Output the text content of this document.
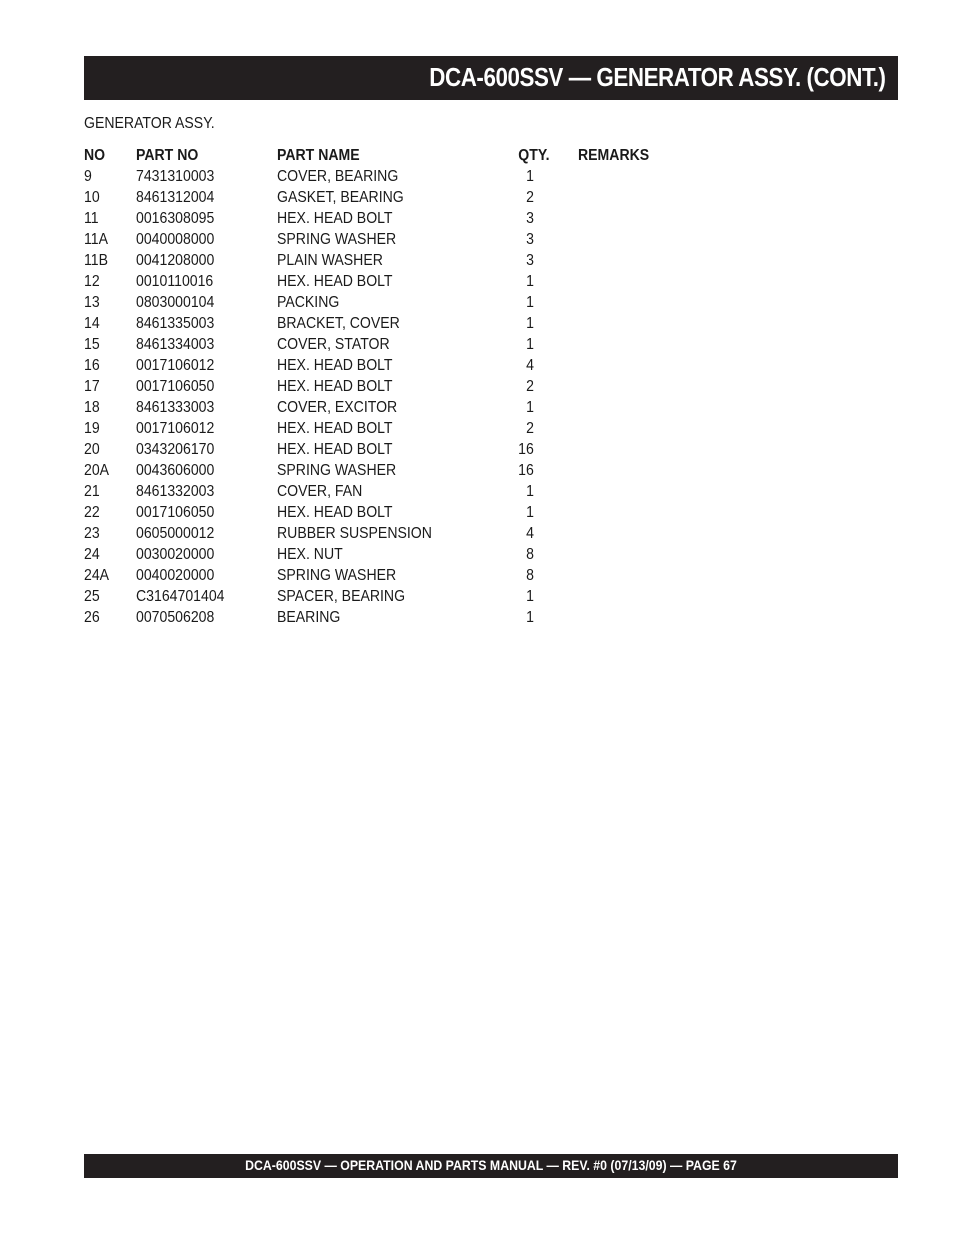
DCA-600SSV — GENERATOR ASSY. (CONT.)
GENERATOR ASSY.
NO	PART NO	PART NAME	QTY.	REMARKS
9	7431310003	COVER, BEARING	1	
10	8461312004	GASKET, BEARING	2	
11	0016308095	HEX. HEAD BOLT	3	
11A	0040008000	SPRING WASHER	3	
11B	0041208000	PLAIN WASHER	3	
12	0010110016	HEX. HEAD BOLT	1	
13	0803000104	PACKING	1	
14	8461335003	BRACKET, COVER	1	
15	8461334003	COVER, STATOR	1	
16	0017106012	HEX. HEAD BOLT	4	
17	0017106050	HEX. HEAD BOLT	2	
18	8461333003	COVER, EXCITOR	1	
19	0017106012	HEX. HEAD BOLT	2	
20	0343206170	HEX. HEAD BOLT	16	
20A	0043606000	SPRING WASHER	16	
21	8461332003	COVER, FAN	1	
22	0017106050	HEX. HEAD BOLT	1	
23	0605000012	RUBBER SUSPENSION	4	
24	0030020000	HEX. NUT	8	
24A	0040020000	SPRING WASHER	8	
25	C3164701404	SPACER, BEARING	1	
26	0070506208	BEARING	1	
DCA-600SSV — OPERATION AND PARTS MANUAL — REV. #0 (07/13/09) — PAGE 67
